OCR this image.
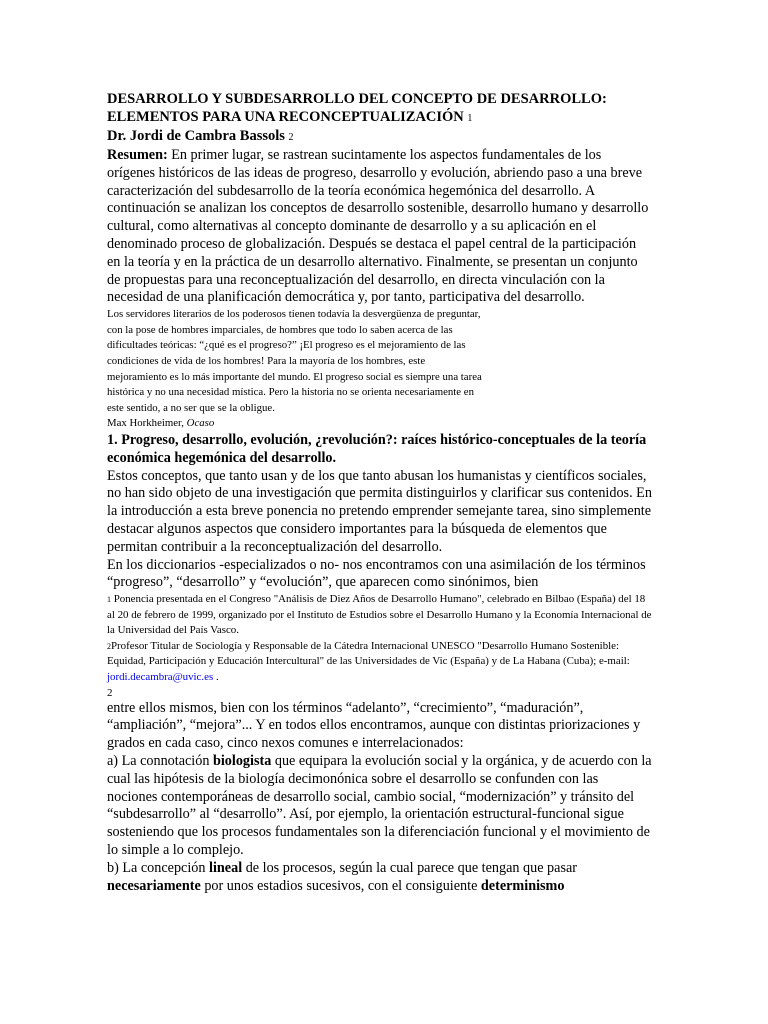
DESARROLLO Y SUBDESARROLLO DEL CONCEPTO DE DESARROLLO:
ELEMENTOS PARA UNA RECONCEPTUALIZACIÓN 1

Dr. Jordi de Cambra Bassols 2

Resumen: En primer lugar, se rastrean sucintamente los aspectos fundamentales de los orígenes históricos de las ideas de progreso, desarrollo y evolución, abriendo paso a una breve caracterización del subdesarrollo de la teoría económica hegemónica del desarrollo. A continuación se analizan los conceptos de desarrollo sostenible, desarrollo humano y desarrollo cultural, como alternativas al concepto dominante de desarrollo y a su aplicación en el denominado proceso de globalización. Después se destaca el papel central de la participación en la teoría y en la práctica de un desarrollo alternativo. Finalmente, se presentan un conjunto de propuestas para una reconceptualización del desarrollo, en directa vinculación con la necesidad de una planificación democrática y, por tanto, participativa del desarrollo.

Los servidores literarios de los poderosos tienen todavía la desvergüenza de preguntar, con la pose de hombres imparciales, de hombres que todo lo saben acerca de las dificultades teóricas: “¿qué es el progreso?” ¡El progreso es el mejoramiento de las condiciones de vida de los hombres! Para la mayoría de los hombres, este mejoramiento es lo más importante del mundo. El progreso social es siempre una tarea histórica y no una necesidad mística. Pero la historia no se orienta necesariamente en este sentido, a no ser que se la obligue.

Max Horkheimer, Ocaso

1. Progreso, desarrollo, evolución, ¿revolución?: raíces histórico-conceptuales de la teoría económica hegemónica del desarrollo.

Estos conceptos, que tanto usan y de los que tanto abusan los humanistas y científicos sociales, no han sido objeto de una investigación que permita distinguirlos y clarificar sus contenidos. En la introducción a esta breve ponencia no pretendo emprender semejante tarea, sino simplemente destacar algunos aspectos que considero importantes para la búsqueda de elementos que permitan contribuir a la reconceptualización del desarrollo.

En los diccionarios -especializados o no- nos encontramos con una asimilación de los términos “progreso”, “desarrollo” y “evolución”, que aparecen como sinónimos, bien

1 Ponencia presentada en el Congreso "Análisis de Diez Años de Desarrollo Humano", celebrado en Bilbao (España) del 18 al 20 de febrero de 1999, organizado por el Instituto de Estudios sobre el Desarrollo Humano y la Economía Internacional de la Universidad del País Vasco.

2Profesor Titular de Sociología y Responsable de la Cátedra Internacional UNESCO "Desarrollo Humano Sostenible: Equidad, Participación y Educación Intercultural" de las Universidades de Vic (España) y de La Habana (Cuba); e-mail: jordi.decambra@uvic.es .

2

entre ellos mismos, bien con los términos “adelanto”, “crecimiento”, “maduración”, “ampliación”, “mejora”... Y en todos ellos encontramos, aunque con distintas priorizaciones y grados en cada caso, cinco nexos comunes e interrelacionados:

a) La connotación biologista que equipara la evolución social y la orgánica, y de acuerdo con la cual las hipótesis de la biología decimonónica sobre el desarrollo se confunden con las nociones contemporáneas de desarrollo social, cambio social, “modernización” y tránsito del “subdesarrollo” al “desarrollo”. Así, por ejemplo, la orientación estructural-funcional sigue sosteniendo que los procesos fundamentales son la diferenciación funcional y el movimiento de lo simple a lo complejo.

b) La concepción lineal de los procesos, según la cual parece que tengan que pasar necesariamente por unos estadios sucesivos, con el consiguiente determinismo
